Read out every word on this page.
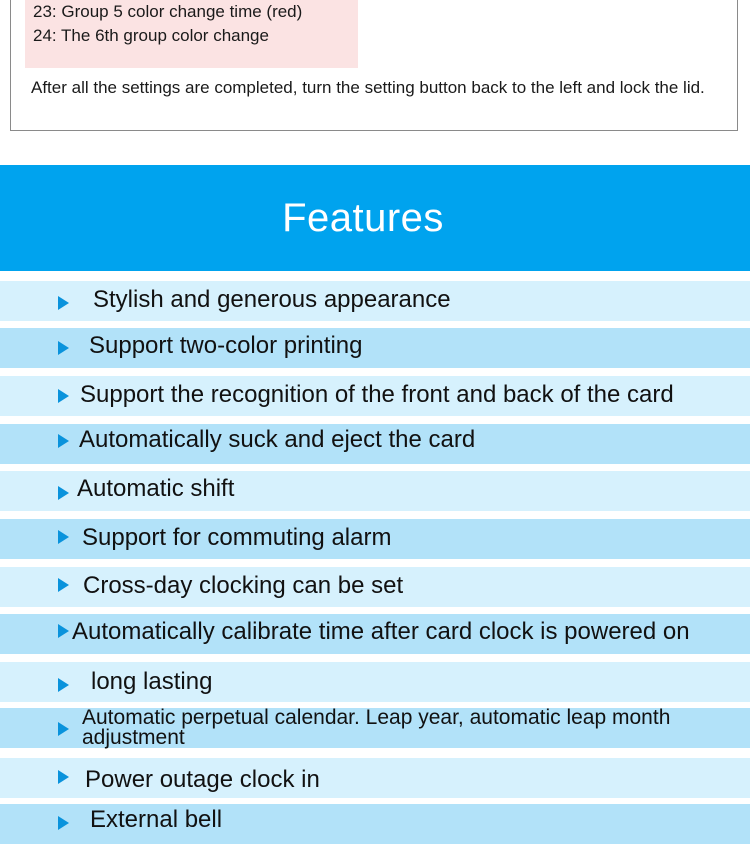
23: Group 5 color change time (red)
24: The 6th group color change
After all the settings are completed, turn the setting button back to the left and lock the lid.
Features
Stylish and generous appearance
Support two-color printing
Support the recognition of the front and back of the card
Automatically suck and eject the card
Automatic shift
Support for commuting alarm
Cross-day clocking can be set
Automatically calibrate time after card clock is powered on
long lasting
Automatic perpetual calendar. Leap year, automatic leap month adjustment
Power outage clock in
External bell
